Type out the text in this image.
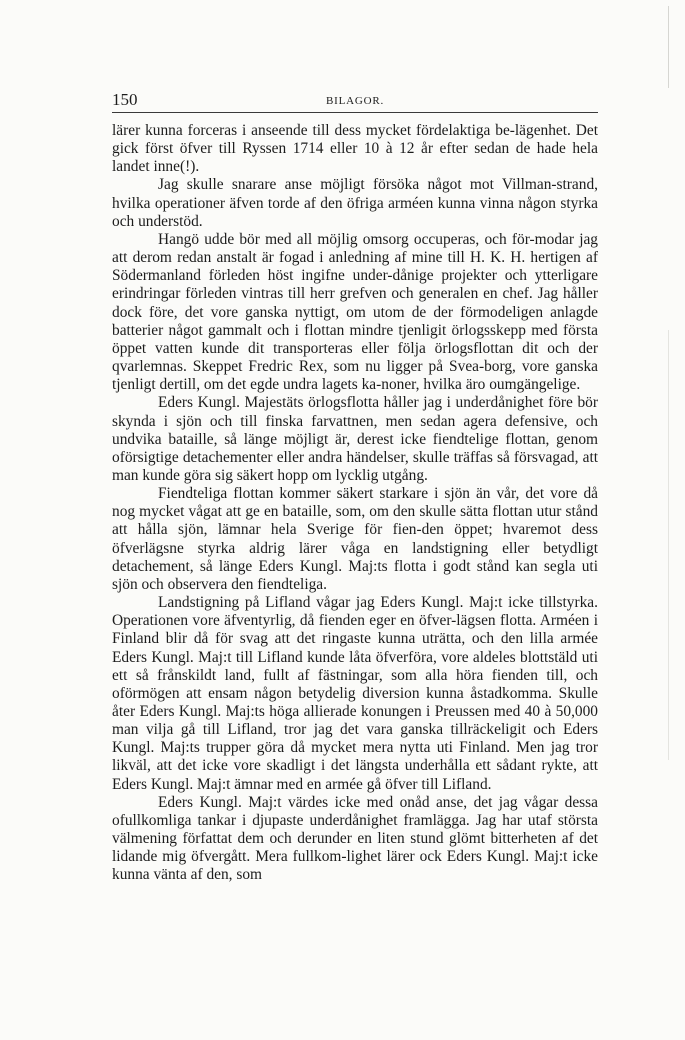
150	BILAGOR.

lärer kunna forceras i anseende till dess mycket fördelaktiga be-lägenhet. Det gick först öfver till Ryssen 1714 eller 10 à 12 år efter sedan de hade hela landet inne(!).

Jag skulle snarare anse möjligt försöka något mot Villman-strand, hvilka operationer äfven torde af den öfriga arméen kunna vinna någon styrka och understöd.

Hangö udde bör med all möjlig omsorg occuperas, och för-modar jag att derom redan anstalt är fogad i anledning af mine till H. K. H. hertigen af Södermanland förleden höst ingifne under-dånige projekter och ytterligare erindringar förleden vintras till herr grefven och generalen en chef. Jag håller dock före, det vore ganska nyttigt, om utom de der förmodeligen anlagde batterier något gammalt och i flottan mindre tjenligit örlogsskepp med första öppet vatten kunde dit transporteras eller följa örlogsflottan dit och der qvarlemnas. Skeppet Fredric Rex, som nu ligger på Svea-borg, vore ganska tjenligt dertill, om det egde undra lagets ka-noner, hvilka äro oumgängelige.

Eders Kungl. Majestäts örlogsflotta håller jag i underdånighet före bör skynda i sjön och till finska farvattnen, men sedan agera defensive, och undvika bataille, så länge möjligt är, derest icke fiendtelige flottan, genom oförsigtige detachementer eller andra händelser, skulle träffas så försvagad, att man kunde göra sig säkert hopp om lycklig utgång.

Fiendteliga flottan kommer säkert starkare i sjön än vår, det vore då nog mycket vågat att ge en bataille, som, om den skulle sätta flottan utur stånd att hålla sjön, lämnar hela Sverige för fien-den öppet; hvaremot dess öfverlägsne styrka aldrig lärer våga en landstigning eller betydligt detachement, så länge Eders Kungl. Maj:ts flotta i godt stånd kan segla uti sjön och observera den fiendteliga.

Landstigning på Lifland vågar jag Eders Kungl. Maj:t icke tillstyrka. Operationen vore äfventyrlig, då fienden eger en öfver-lägsen flotta. Arméen i Finland blir då för svag att det ringaste kunna uträtta, och den lilla armée Eders Kungl. Maj:t till Lifland kunde låta öfverföra, vore aldeles blottstäld uti ett så frånskildt land, fullt af fästningar, som alla höra fienden till, och oförmögen att ensam någon betydelig diversion kunna åstadkomma. Skulle åter Eders Kungl. Maj:ts höga allierade konungen i Preussen med 40 à 50,000 man vilja gå till Lifland, tror jag det vara ganska tillräckeligit och Eders Kungl. Maj:ts trupper göra då mycket mera nytta uti Finland. Men jag tror likväl, att det icke vore skadligt i det längsta underhålla ett sådant rykte, att Eders Kungl. Maj:t ämnar med en armée gå öfver till Lifland.

Eders Kungl. Maj:t värdes icke med onåd anse, det jag vågar dessa ofullkomliga tankar i djupaste underdånighet framlägga. Jag har utaf största välmening författat dem och derunder en liten stund glömt bitterheten af det lidande mig öfvergått. Mera fullkom-lighet lärer ock Eders Kungl. Maj:t icke kunna vänta af den, som
